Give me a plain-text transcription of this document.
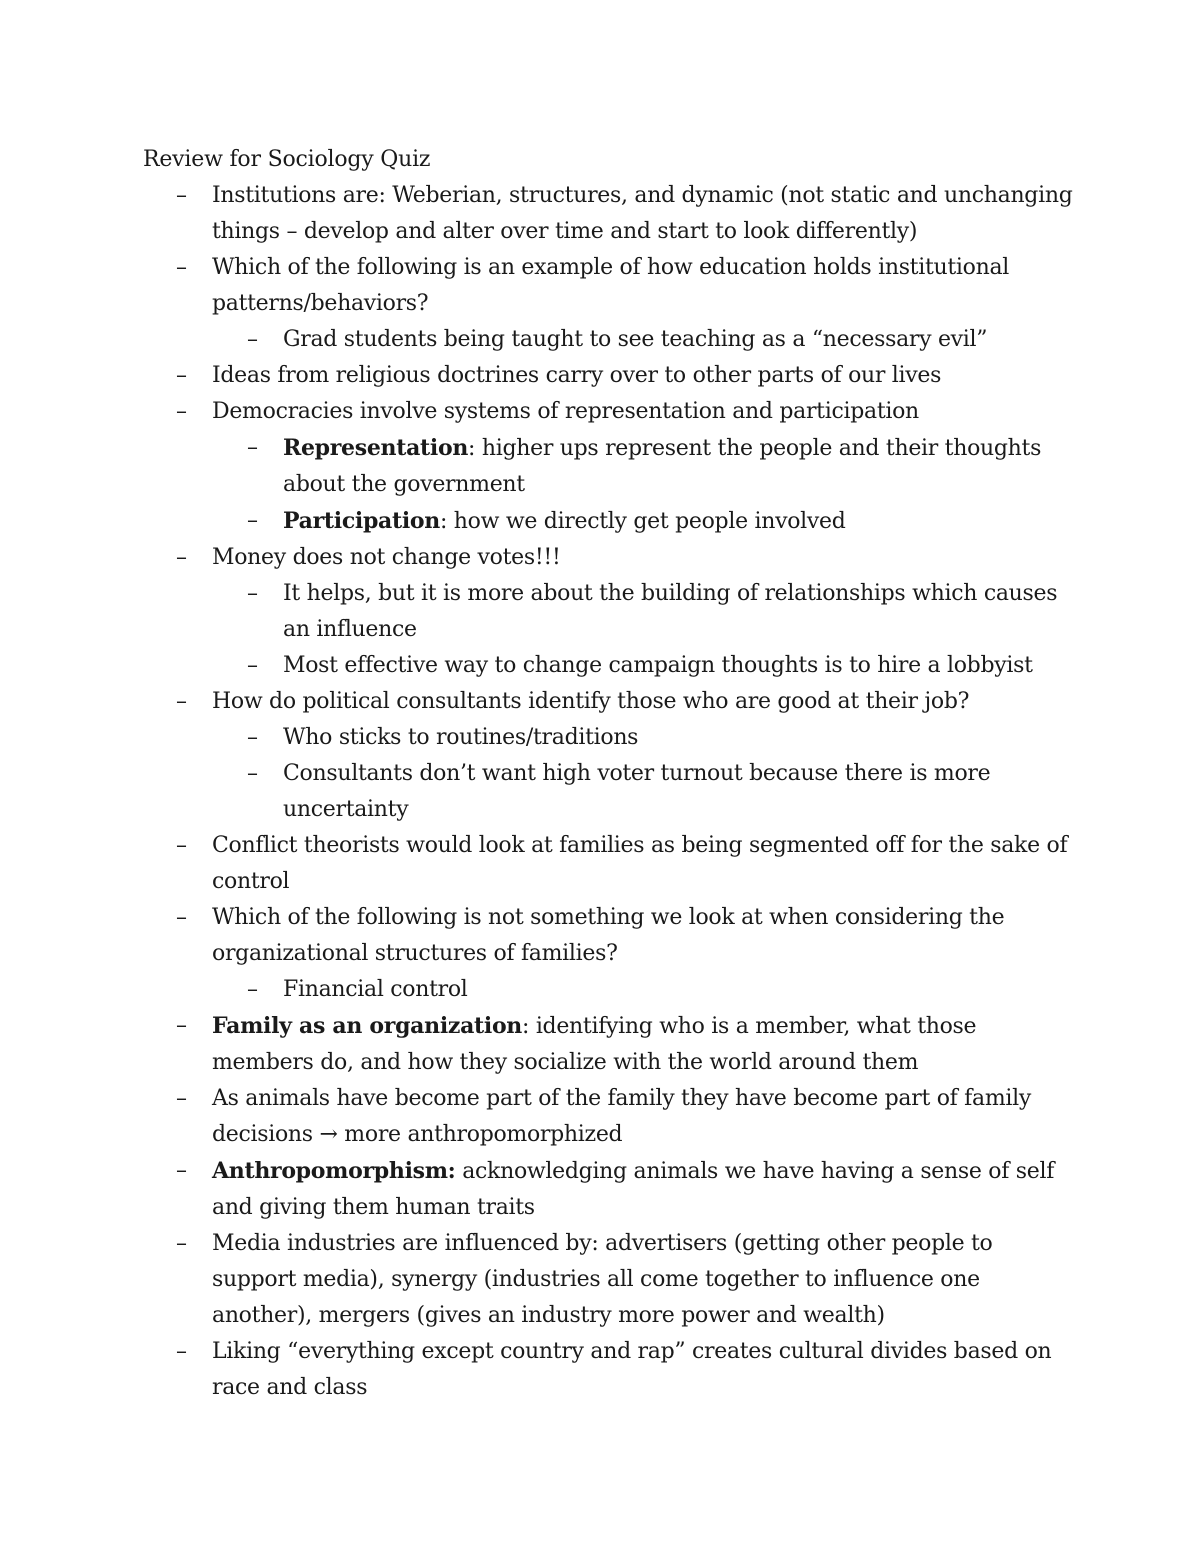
Review for Sociology Quiz
– Institutions are: Weberian, structures, and dynamic (not static and unchanging things – develop and alter over time and start to look differently)
– Which of the following is an example of how education holds institutional patterns/behaviors?
– Grad students being taught to see teaching as a “necessary evil”
– Ideas from religious doctrines carry over to other parts of our lives
– Democracies involve systems of representation and participation
– Representation: higher ups represent the people and their thoughts about the government
– Participation: how we directly get people involved
– Money does not change votes!!!
– It helps, but it is more about the building of relationships which causes an influence
– Most effective way to change campaign thoughts is to hire a lobbyist
– How do political consultants identify those who are good at their job?
– Who sticks to routines/traditions
– Consultants don’t want high voter turnout because there is more uncertainty
– Conflict theorists would look at families as being segmented off for the sake of control
– Which of the following is not something we look at when considering the organizational structures of families?
– Financial control
– Family as an organization: identifying who is a member, what those members do, and how they socialize with the world around them
– As animals have become part of the family they have become part of family decisions → more anthropomorphized
– Anthropomorphism: acknowledging animals we have having a sense of self and giving them human traits
– Media industries are influenced by: advertisers (getting other people to support media), synergy (industries all come together to influence one another), mergers (gives an industry more power and wealth)
– Liking “everything except country and rap” creates cultural divides based on race and class
